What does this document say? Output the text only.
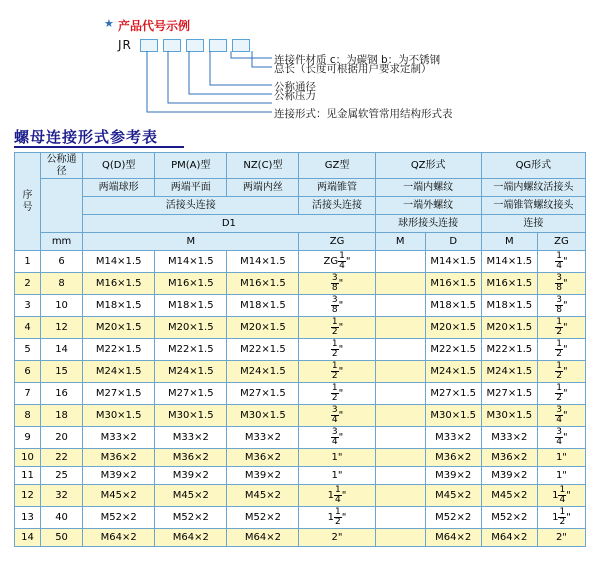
★ 产品代号示例
JR
连接件材质 c：为碳钢 b：为不锈钢
总长（长度可根据用户要求定制）
公称通径
公称压力
连接形式：见金属软管常用结构形式表
螺母连接形式参考表
序
号	公称通径	Q(D)型	PM(A)型	NZ(C)型	GZ型	QZ形式		QG形式	
		两端球形	两端平面	两端内丝	两端锥管	一端内螺纹		一端内螺纹活接头	
		活接头连接			活接头连接	一端外螺纹		一端锥管螺纹接头	
		D1				球形接头连接		连接	
	mm	M			ZG	M	D	M	ZG
1	6	M14×1.5	M14×1.5	M14×1.5	ZG $\frac{1}{4}$ "		M14×1.5	M14×1.5	$\frac{1}{4}$ "
2	8	M16×1.5	M16×1.5	M16×1.5	$\frac{3}{8}$ "		M16×1.5	M16×1.5	$\frac{3}{8}$ "
3	10	M18×1.5	M18×1.5	M18×1.5	$\frac{3}{8}$ "		M18×1.5	M18×1.5	$\frac{3}{8}$ "
4	12	M20×1.5	M20×1.5	M20×1.5	$\frac{1}{2}$ "		M20×1.5	M20×1.5	$\frac{1}{2}$ "
5	14	M22×1.5	M22×1.5	M22×1.5	$\frac{1}{2}$ "		M22×1.5	M22×1.5	$\frac{1}{2}$ "
6	15	M24×1.5	M24×1.5	M24×1.5	$\frac{1}{2}$ "		M24×1.5	M24×1.5	$\frac{1}{2}$ "
7	16	M27×1.5	M27×1.5	M27×1.5	$\frac{1}{2}$ "		M27×1.5	M27×1.5	$\frac{1}{2}$ "
8	18	M30×1.5	M30×1.5	M30×1.5	$\frac{3}{4}$ "		M30×1.5	M30×1.5	$\frac{3}{4}$ "
9	20	M33×2	M33×2	M33×2	$\frac{3}{4}$ "		M33×2	M33×2	$\frac{3}{4}$ "
10	22	M36×2	M36×2	M36×2	1"		M36×2	M36×2	1"
11	25	M39×2	M39×2	M39×2	1"		M39×2	M39×2	1"
12	32	M45×2	M45×2	M45×2	$1 \frac{1}{4}$ "		M45×2	M45×2	$1 \frac{1}{4}$ "
13	40	M52×2	M52×2	M52×2	$1 \frac{1}{2}$ "		M52×2	M52×2	$1 \frac{1}{2}$ "
14	50	M64×2	M64×2	M64×2	2"		M64×2	M64×2	2"
